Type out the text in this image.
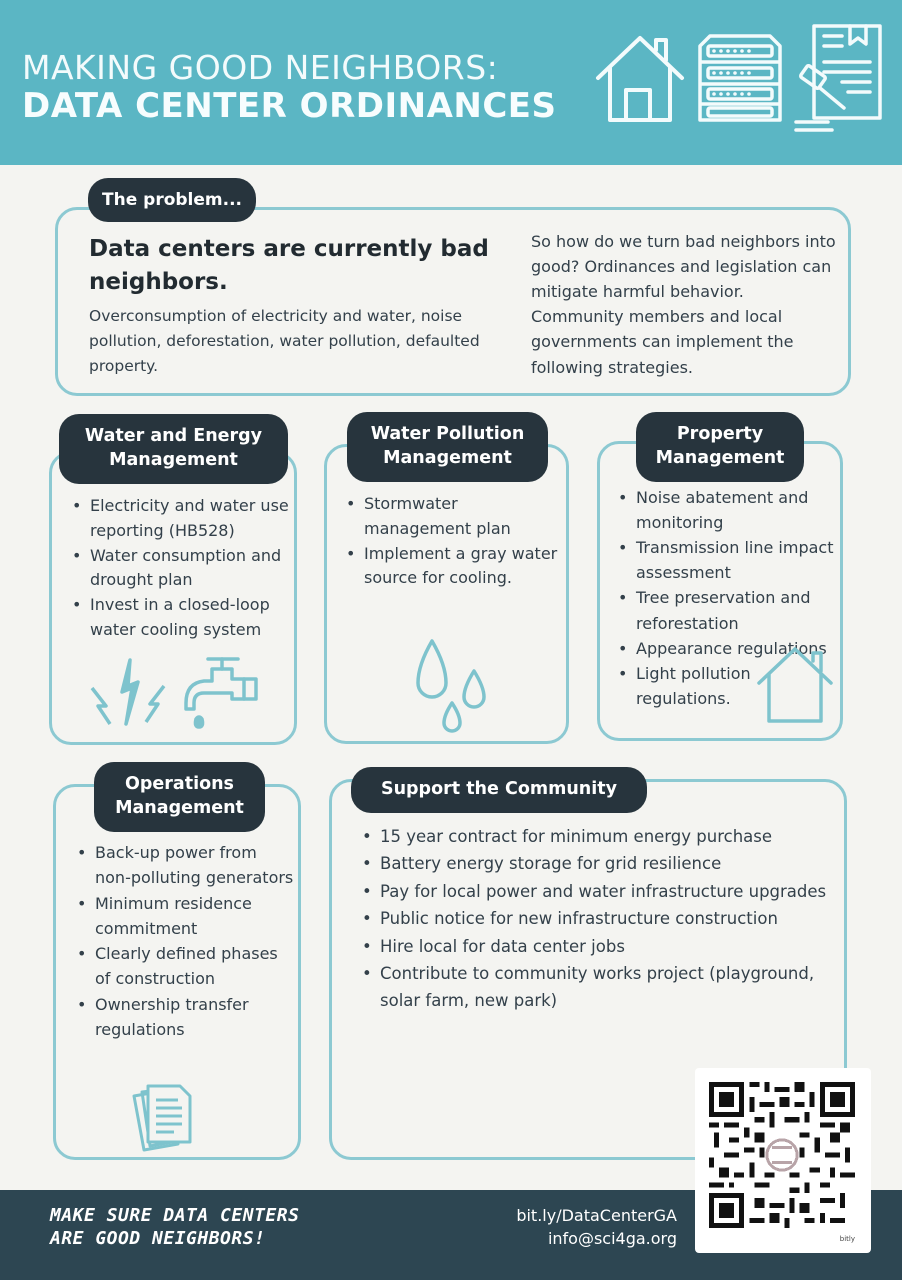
MAKING GOOD NEIGHBORS:
DATA CENTER ORDINANCES
The problem...
Data centers are currently bad neighbors.
Overconsumption of electricity and water, noise pollution, deforestation, water pollution, defaulted property.
So how do we turn bad neighbors into good? Ordinances and legislation can mitigate harmful behavior. Community members and local governments can implement the following strategies.
Water and Energy Management
• Electricity and water use reporting (HB528)
• Water consumption and drought plan
• Invest in a closed-loop water cooling system
Water Pollution Management
• Stormwater management plan
• Implement a gray water source for cooling.
Property Management
• Noise abatement and monitoring
• Transmission line impact assessment
• Tree preservation and reforestation
• Appearance regulations
• Light pollution regulations.
Operations Management
• Back-up power from non-polluting generators
• Minimum residence commitment
• Clearly defined phases of construction
• Ownership transfer regulations
Support the Community
• 15 year contract for minimum energy purchase
• Battery energy storage for grid resilience
• Pay for local power and water infrastructure upgrades
• Public notice for new infrastructure construction
• Hire local for data center jobs
• Contribute to community works project (playground, solar farm, new park)
MAKE SURE DATA CENTERS
ARE GOOD NEIGHBORS!
bit.ly/DataCenterGA
info@sci4ga.org	bitly
